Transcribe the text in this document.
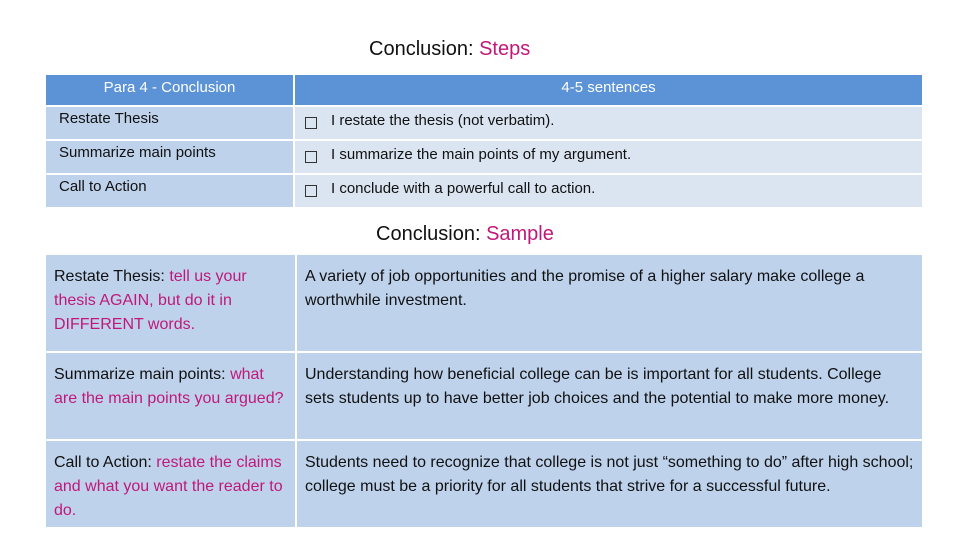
Conclusion: Steps
Para 4 - Conclusion	4-5 sentences

Restate Thesis	I restate the thesis (not verbatim).

Summarize main points	I summarize the main points of my argument.

Call to Action	I conclude with a powerful call to action.
Conclusion: Sample
Restate Thesis: tell us your thesis AGAIN, but do it in DIFFERENT words.	A variety of job opportunities and the promise of a higher salary make college a worthwhile investment.
Summarize main points: what are the main points you argued?	Understanding how beneficial college can be is important for all students. College sets students up to have better job choices and the potential to make more money.
Call to Action: restate the claims and what you want the reader to do.	Students need to recognize that college is not just “something to do” after high school; college must be a priority for all students that strive for a successful future.
